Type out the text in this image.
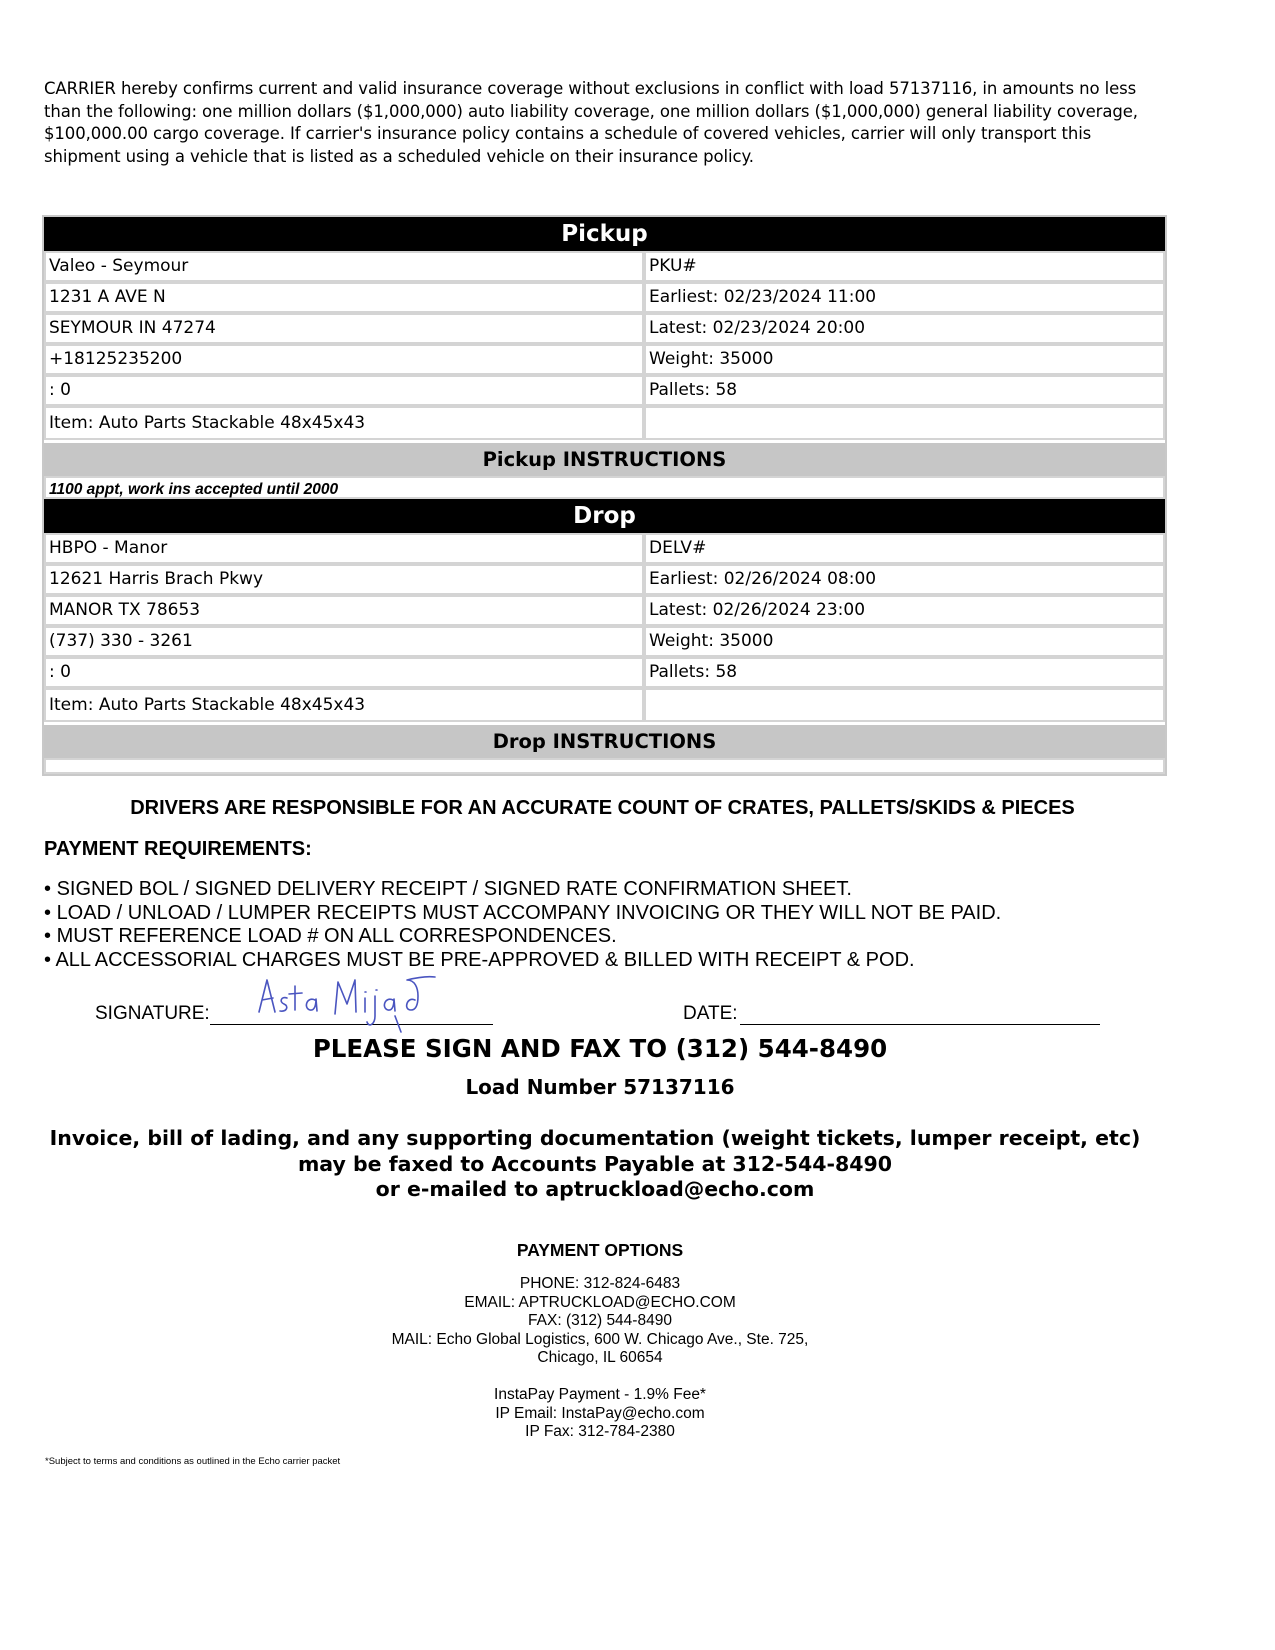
CARRIER hereby confirms current and valid insurance coverage without exclusions in conflict with load 57137116, in amounts no less than the following: one million dollars ($1,000,000) auto liability coverage, one million dollars ($1,000,000) general liability coverage, $100,000.00 cargo coverage. If carrier's insurance policy contains a schedule of covered vehicles, carrier will only transport this shipment using a vehicle that is listed as a scheduled vehicle on their insurance policy.
Pickup
Valeo - Seymour	PKU#
1231 A AVE N	Earliest: 02/23/2024 11:00
SEYMOUR IN 47274	Latest: 02/23/2024 20:00
+18125235200	Weight: 35000
: 0	Pallets: 58
Item: Auto Parts Stackable 48x45x43
Pickup INSTRUCTIONS
1100 appt, work ins accepted until 2000
Drop
HBPO - Manor	DELV#
12621 Harris Brach Pkwy	Earliest: 02/26/2024 08:00
MANOR TX 78653	Latest: 02/26/2024 23:00
(737) 330 - 3261	Weight: 35000
: 0	Pallets: 58
Item: Auto Parts Stackable 48x45x43
Drop INSTRUCTIONS
DRIVERS ARE RESPONSIBLE FOR AN ACCURATE COUNT OF CRATES, PALLETS/SKIDS & PIECES
PAYMENT REQUIREMENTS:
• SIGNED BOL / SIGNED DELIVERY RECEIPT / SIGNED RATE CONFIRMATION SHEET.
• LOAD / UNLOAD / LUMPER RECEIPTS MUST ACCOMPANY INVOICING OR THEY WILL NOT BE PAID.
• MUST REFERENCE LOAD # ON ALL CORRESPONDENCES.
• ALL ACCESSORIAL CHARGES MUST BE PRE-APPROVED & BILLED WITH RECEIPT & POD.
SIGNATURE:	DATE:
PLEASE SIGN AND FAX TO (312) 544-8490
Load Number 57137116
Invoice, bill of lading, and any supporting documentation (weight tickets, lumper receipt, etc)
may be faxed to Accounts Payable at 312-544-8490
or e-mailed to aptruckload@echo.com
PAYMENT OPTIONS
PHONE: 312-824-6483
EMAIL: APTRUCKLOAD@ECHO.COM
FAX: (312) 544-8490
MAIL: Echo Global Logistics, 600 W. Chicago Ave., Ste. 725,
Chicago, IL 60654
InstaPay Payment - 1.9% Fee*
IP Email: InstaPay@echo.com
IP Fax: 312-784-2380
*Subject to terms and conditions as outlined in the Echo carrier packet
